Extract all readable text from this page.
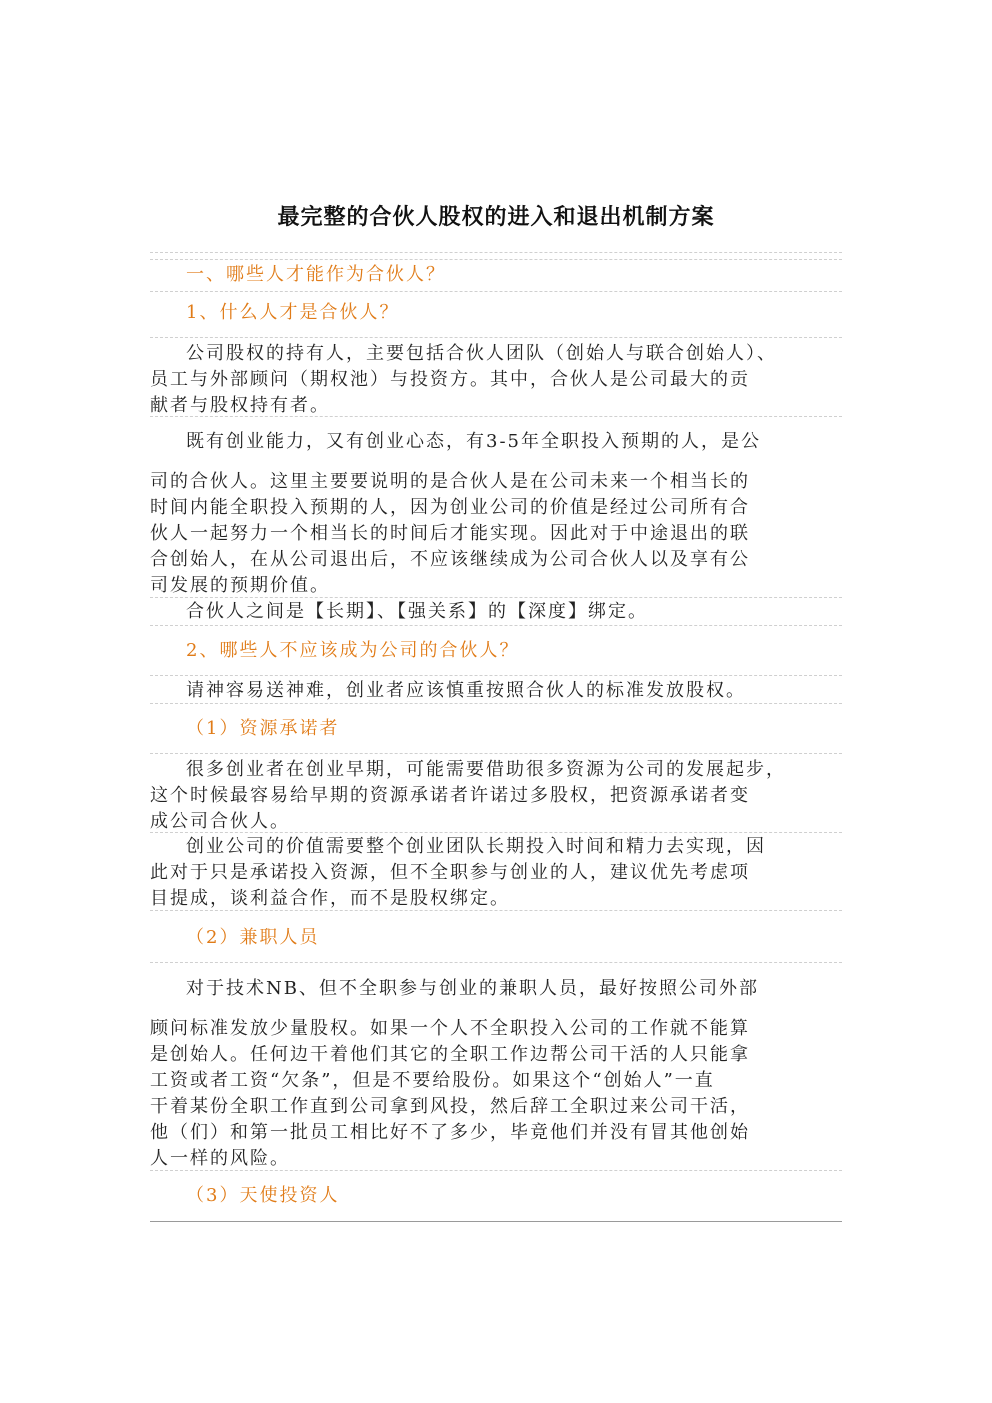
最完整的合伙人股权的进入和退出机制方案
一、哪些人才能作为合伙人？
1、什么人才是合伙人？
公司股权的持有人，主要包括合伙人团队（创始人与联合创始人）、
员工与外部顾问（期权池）与投资方。其中，合伙人是公司最大的贡
献者与股权持有者。
既有创业能力，又有创业心态，有3-5年全职投入预期的人，是公
司的合伙人。这里主要要说明的是合伙人是在公司未来一个相当长的
时间内能全职投入预期的人，因为创业公司的价值是经过公司所有合
伙人一起努力一个相当长的时间后才能实现。因此对于中途退出的联
合创始人，在从公司退出后，不应该继续成为公司合伙人以及享有公
司发展的预期价值。
合伙人之间是【长期】、【强关系】的【深度】绑定。
2、哪些人不应该成为公司的合伙人？
请神容易送神难，创业者应该慎重按照合伙人的标准发放股权。
（1）资源承诺者
很多创业者在创业早期，可能需要借助很多资源为公司的发展起步，
这个时候最容易给早期的资源承诺者许诺过多股权，把资源承诺者变
成公司合伙人。
创业公司的价值需要整个创业团队长期投入时间和精力去实现，因
此对于只是承诺投入资源，但不全职参与创业的人，建议优先考虑项
目提成，谈利益合作，而不是股权绑定。
（2）兼职人员
对于技术NB、但不全职参与创业的兼职人员，最好按照公司外部
顾问标准发放少量股权。如果一个人不全职投入公司的工作就不能算
是创始人。任何边干着他们其它的全职工作边帮公司干活的人只能拿
工资或者工资“欠条”，但是不要给股份。如果这个“创始人”一直
干着某份全职工作直到公司拿到风投，然后辞工全职过来公司干活，
他（们）和第一批员工相比好不了多少，毕竟他们并没有冒其他创始
人一样的风险。
（3）天使投资人
